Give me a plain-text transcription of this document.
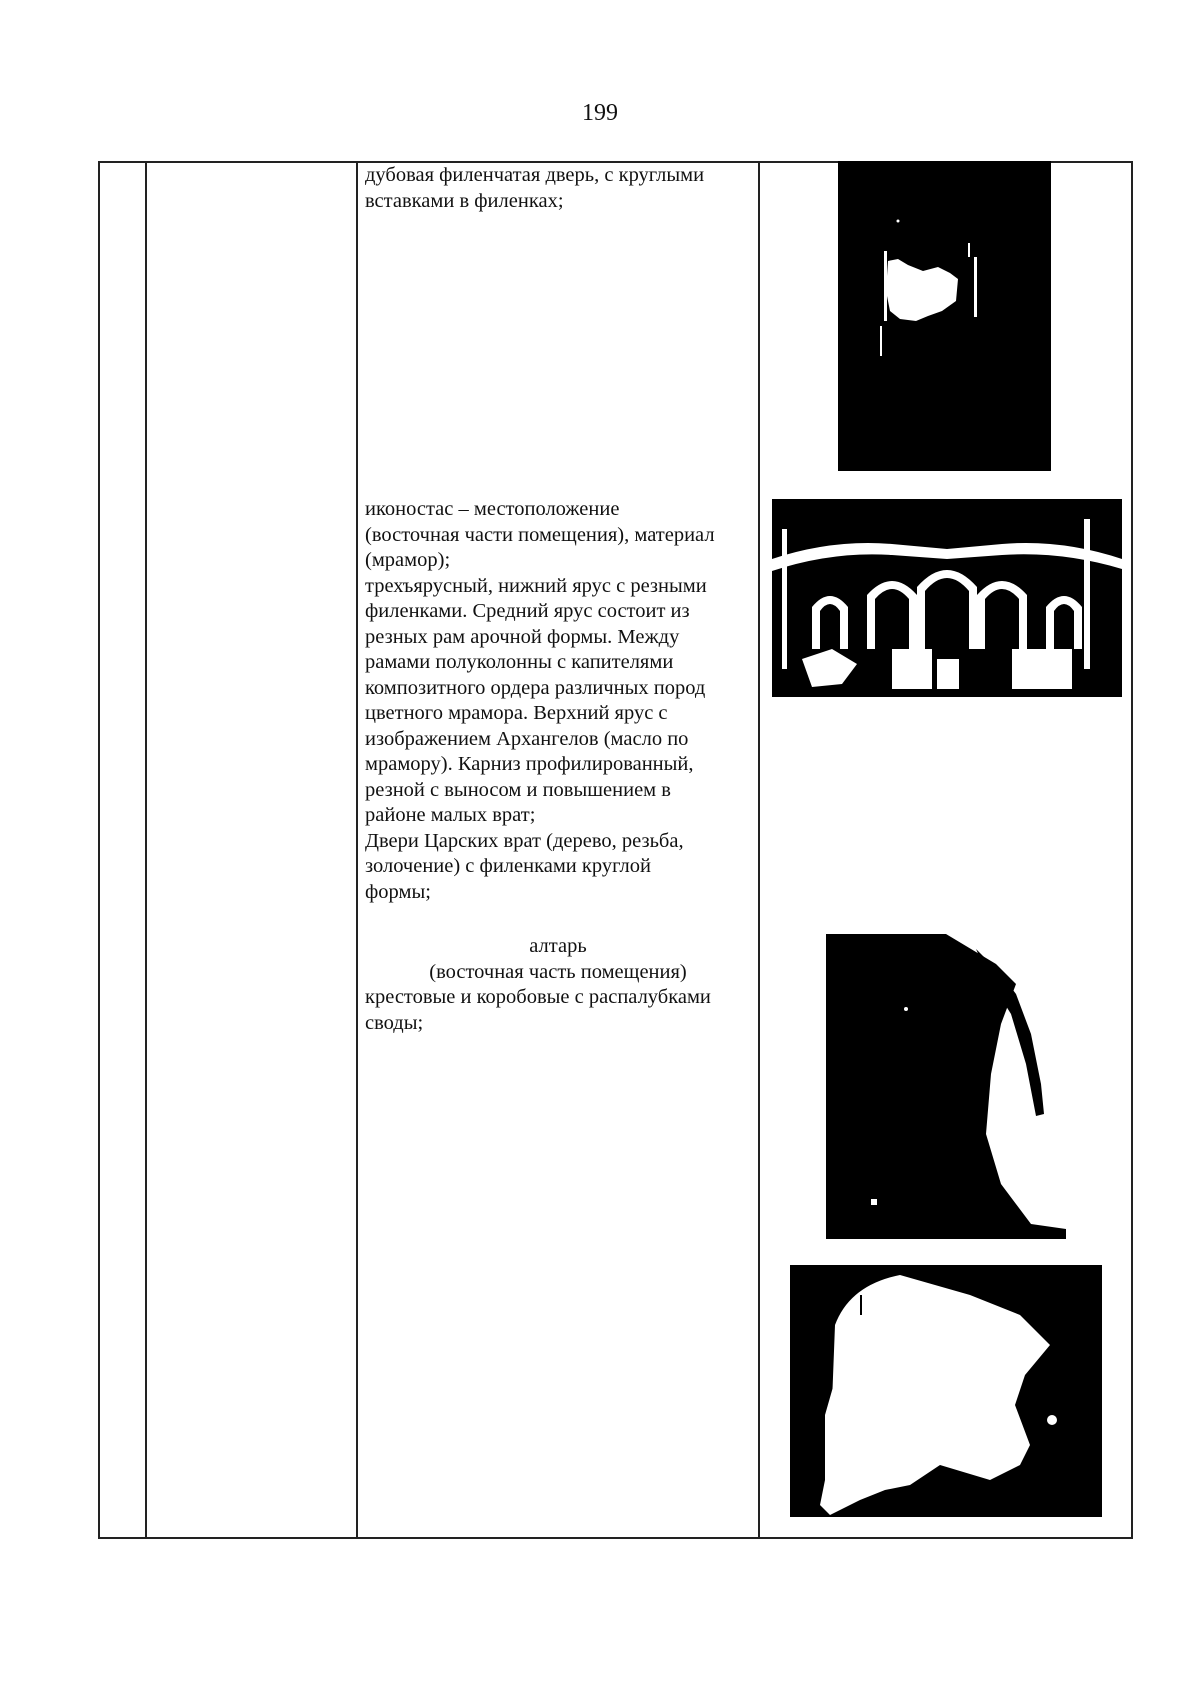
199
дубовая филенчатая дверь, с круглыми
вставками в филенках;
иконостас – местоположение
(восточная части помещения), материал
(мрамор);
трехъярусный, нижний ярус с резными
филенками. Средний ярус состоит из
резных рам арочной формы. Между
рамами полуколонны с капителями
композитного ордера различных пород
цветного мрамора. Верхний ярус с
изображением Архангелов (масло по
мрамору). Карниз профилированный,
резной с выносом и повышением в
районе малых врат;
Двери Царских врат (дерево, резьба,
золочение) с филенками круглой
формы;
алтарь
(восточная часть помещения)
крестовые и коробовые с распалубками
своды;
